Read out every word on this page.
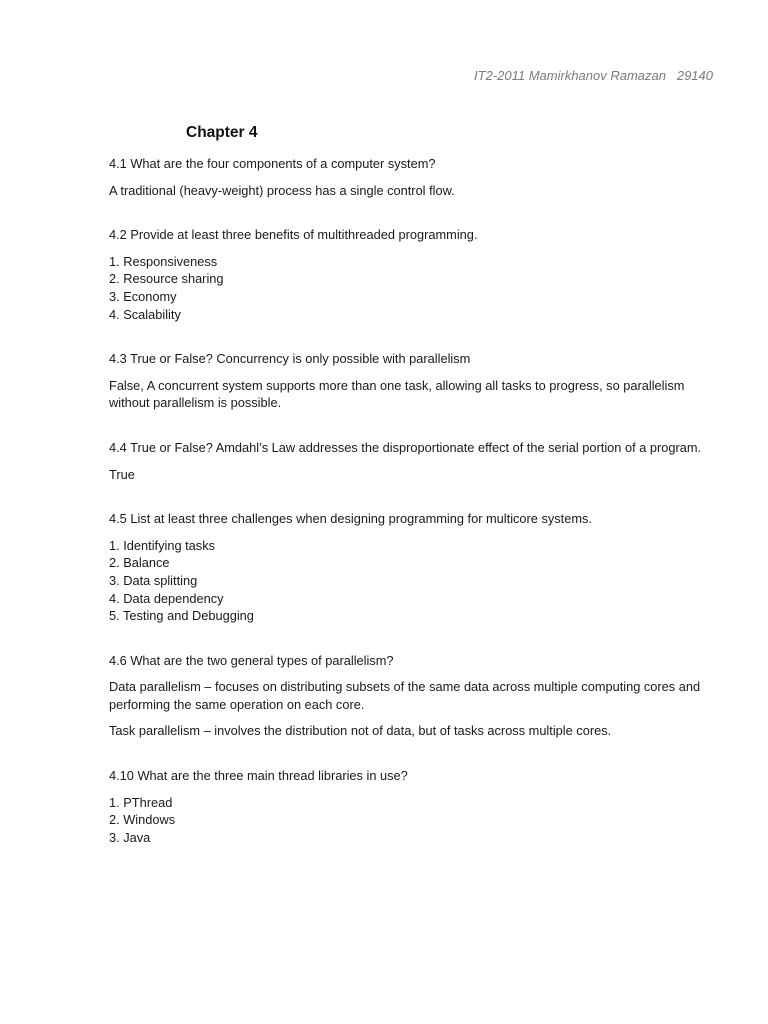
IT2-2011 Mamirkhanov Ramazan   29140
Chapter 4

4.1 What are the four components of a computer system?

A traditional (heavy-weight) process has a single control flow.

4.2 Provide at least three benefits of multithreaded programming.

1. Responsiveness
2. Resource sharing
3. Economy
4. Scalability

4.3 True or False? Concurrency is only possible with parallelism

False, A concurrent system supports more than one task, allowing all tasks to progress, so parallelism without parallelism is possible.

4.4 True or False? Amdahl’s Law addresses the disproportionate effect of the serial portion of a program.

True

4.5 List at least three challenges when designing programming for multicore systems.

1. Identifying tasks
2. Balance
3. Data splitting
4. Data dependency
5. Testing and Debugging

4.6 What are the two general types of parallelism?

Data parallelism – focuses on distributing subsets of the same data across multiple computing cores and performing the same operation on each core.

Task parallelism – involves the distribution not of data, but of tasks across multiple cores.

4.10 What are the three main thread libraries in use?

1. PThread
2. Windows
3. Java
